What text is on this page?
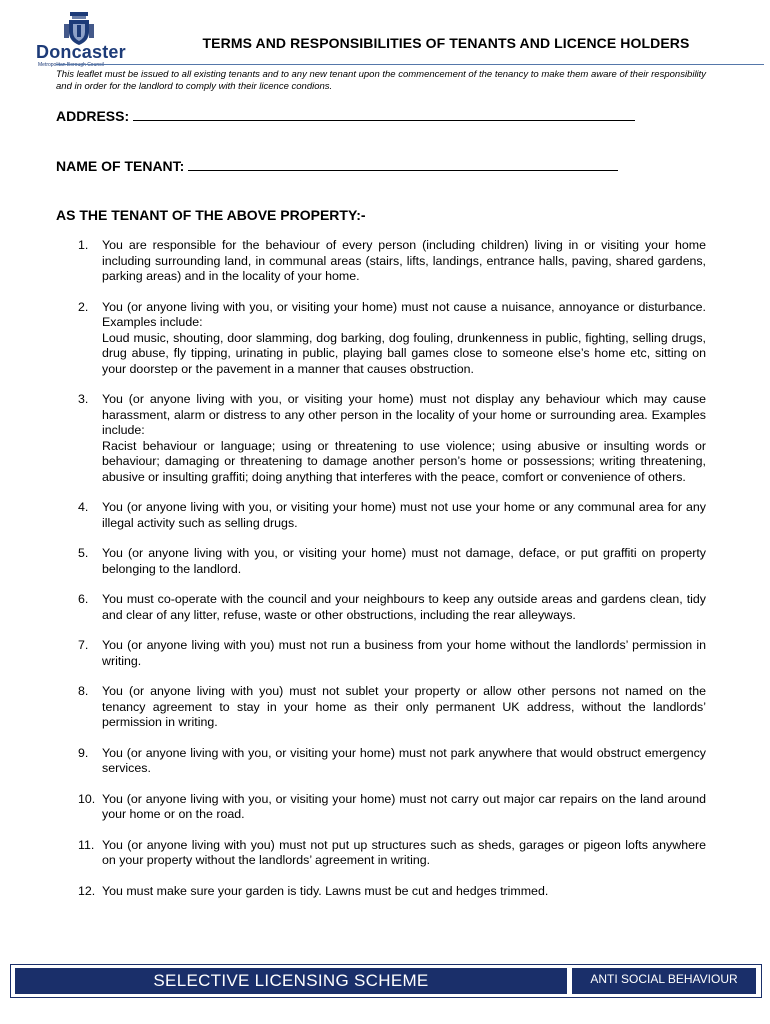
Doncaster
Metropolitan Borough Council
TERMS AND RESPONSIBILITIES OF TENANTS AND LICENCE HOLDERS
This leaflet must be issued to all existing tenants and to any new tenant upon the commencement of the tenancy to make them aware of their responsibility and in order for the landlord to comply with their licence condions.
ADDRESS:
NAME OF TENANT:
AS THE TENANT OF THE ABOVE PROPERTY:-
1.	You are responsible for the behaviour of every person (including children) living in or visiting your home including surrounding land, in communal areas (stairs, lifts, landings, entrance halls, paving, shared gardens, parking areas) and in the locality of your home.
2.	You (or anyone living with you, or visiting your home) must not cause a nuisance, annoyance or disturbance. Examples include:
Loud music, shouting, door slamming, dog barking, dog fouling, drunkenness in public, fighting, selling drugs, drug abuse, fly tipping, urinating in public, playing ball games close to someone else’s home etc, sitting on your doorstep or the pavement in a manner that causes obstruction.
3.	You (or anyone living with you, or visiting your home) must not display any behaviour which may cause harassment, alarm or distress to any other person in the locality of your home or surrounding area. Examples include:
Racist behaviour or language; using or threatening to use violence; using abusive or insulting words or behaviour; damaging or threatening to damage another person’s home or possessions; writing threatening, abusive or insulting graffiti; doing anything that interferes with the peace, comfort or convenience of others.
4.	You (or anyone living with you, or visiting your home) must not use your home or any communal area for any illegal activity such as selling drugs.
5.	You (or anyone living with you, or visiting your home) must not damage, deface, or put graffiti on property belonging to the landlord.
6.	You must co-operate with the council and your neighbours to keep any outside areas and gardens clean, tidy and clear of any litter, refuse, waste or other obstructions, including the rear alleyways.
7.	You (or anyone living with you) must not run a business from your home without the landlords’ permission in writing.
8.	You (or anyone living with you) must not sublet your property or allow other persons not named on the tenancy agreement to stay in your home as their only permanent UK address, without the landlords’ permission in writing.
9.	You (or anyone living with you, or visiting your home) must not park anywhere that would obstruct emergency services.
10. You (or anyone living with you, or visiting your home) must not carry out major car repairs on the land around your home or on the road.
11. You (or anyone living with you) must not put up structures such as sheds, garages or pigeon lofts anywhere on your property without the landlords’ agreement in writing.
12. You must make sure your garden is tidy. Lawns must be cut and hedges trimmed.
SELECTIVE LICENSING SCHEME	ANTI SOCIAL BEHAVIOUR
